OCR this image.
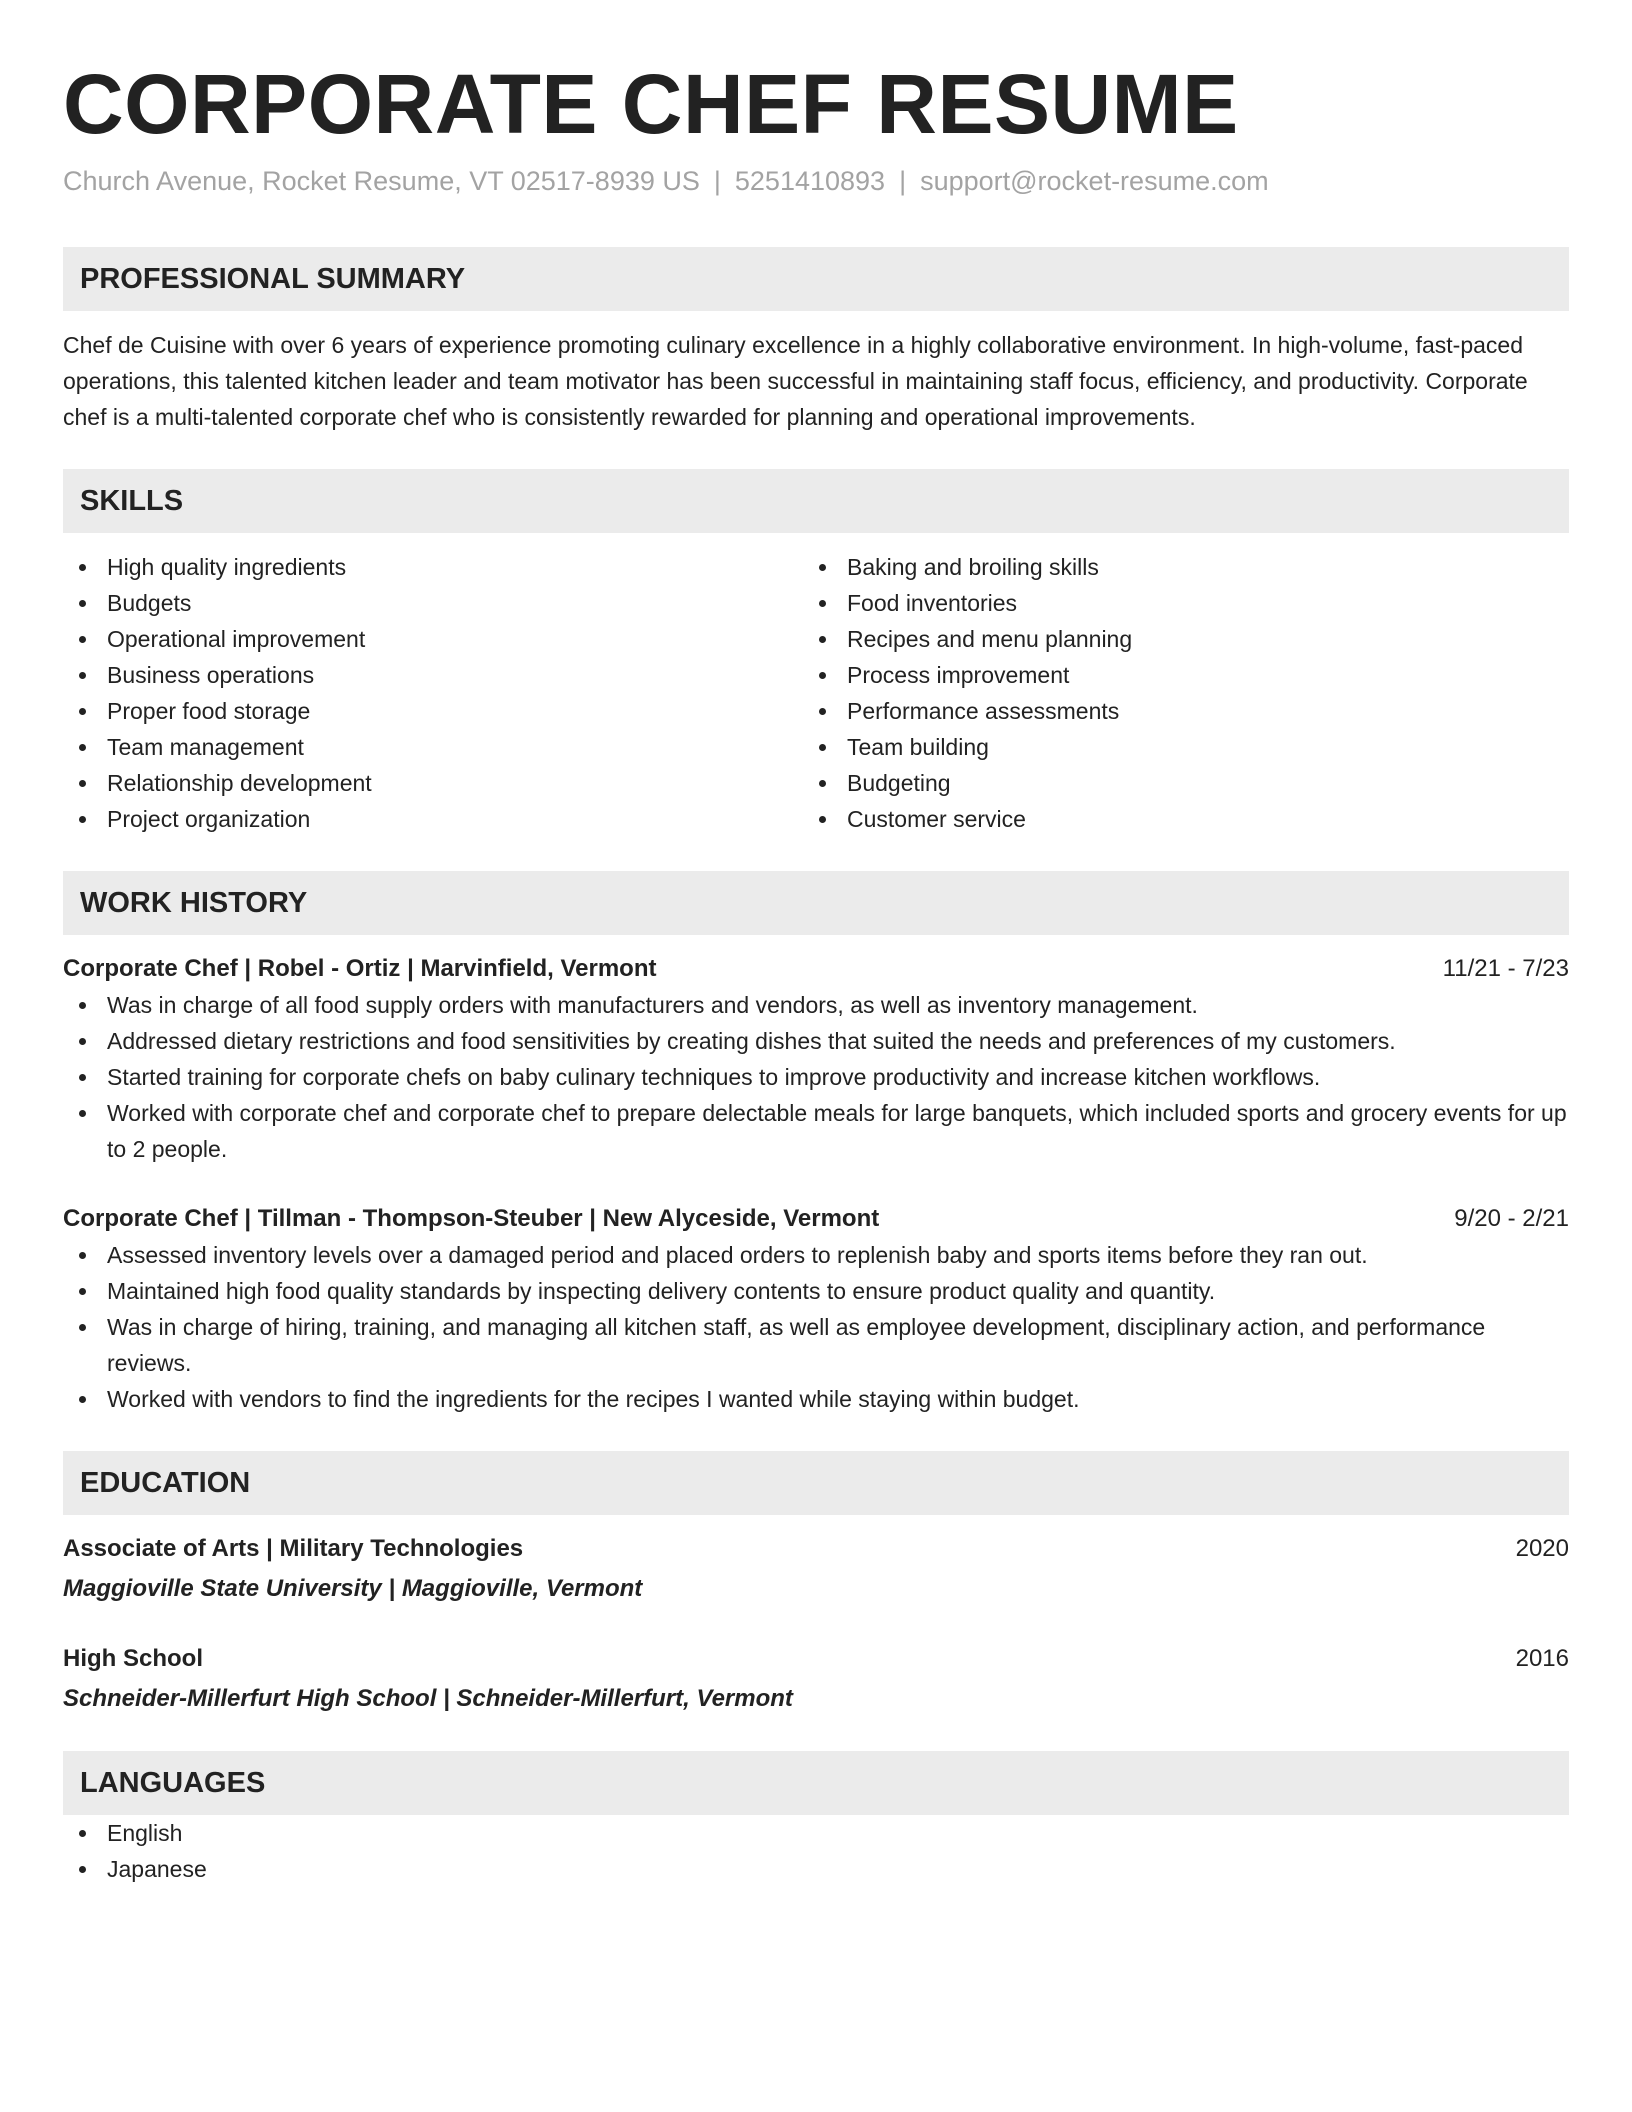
CORPORATE CHEF RESUME
Church Avenue, Rocket Resume, VT 02517-8939 US | 5251410893 | support@rocket-resume.com
PROFESSIONAL SUMMARY
Chef de Cuisine with over 6 years of experience promoting culinary excellence in a highly collaborative environment. In high-volume, fast-paced operations, this talented kitchen leader and team motivator has been successful in maintaining staff focus, efficiency, and productivity. Corporate chef is a multi-talented corporate chef who is consistently rewarded for planning and operational improvements.
SKILLS
High quality ingredients
Budgets
Operational improvement
Business operations
Proper food storage
Team management
Relationship development
Project organization
Baking and broiling skills
Food inventories
Recipes and menu planning
Process improvement
Performance assessments
Team building
Budgeting
Customer service
WORK HISTORY
Corporate Chef | Robel - Ortiz | Marvinfield, Vermont	11/21 - 7/23
Was in charge of all food supply orders with manufacturers and vendors, as well as inventory management.
Addressed dietary restrictions and food sensitivities by creating dishes that suited the needs and preferences of my customers.
Started training for corporate chefs on baby culinary techniques to improve productivity and increase kitchen workflows.
Worked with corporate chef and corporate chef to prepare delectable meals for large banquets, which included sports and grocery events for up to 2 people.
Corporate Chef | Tillman - Thompson-Steuber | New Alyceside, Vermont	9/20 - 2/21
Assessed inventory levels over a damaged period and placed orders to replenish baby and sports items before they ran out.
Maintained high food quality standards by inspecting delivery contents to ensure product quality and quantity.
Was in charge of hiring, training, and managing all kitchen staff, as well as employee development, disciplinary action, and performance reviews.
Worked with vendors to find the ingredients for the recipes I wanted while staying within budget.
EDUCATION
Associate of Arts | Military Technologies	2020
Maggioville State University | Maggioville, Vermont
High School	2016
Schneider-Millerfurt High School | Schneider-Millerfurt, Vermont
LANGUAGES
English
Japanese
